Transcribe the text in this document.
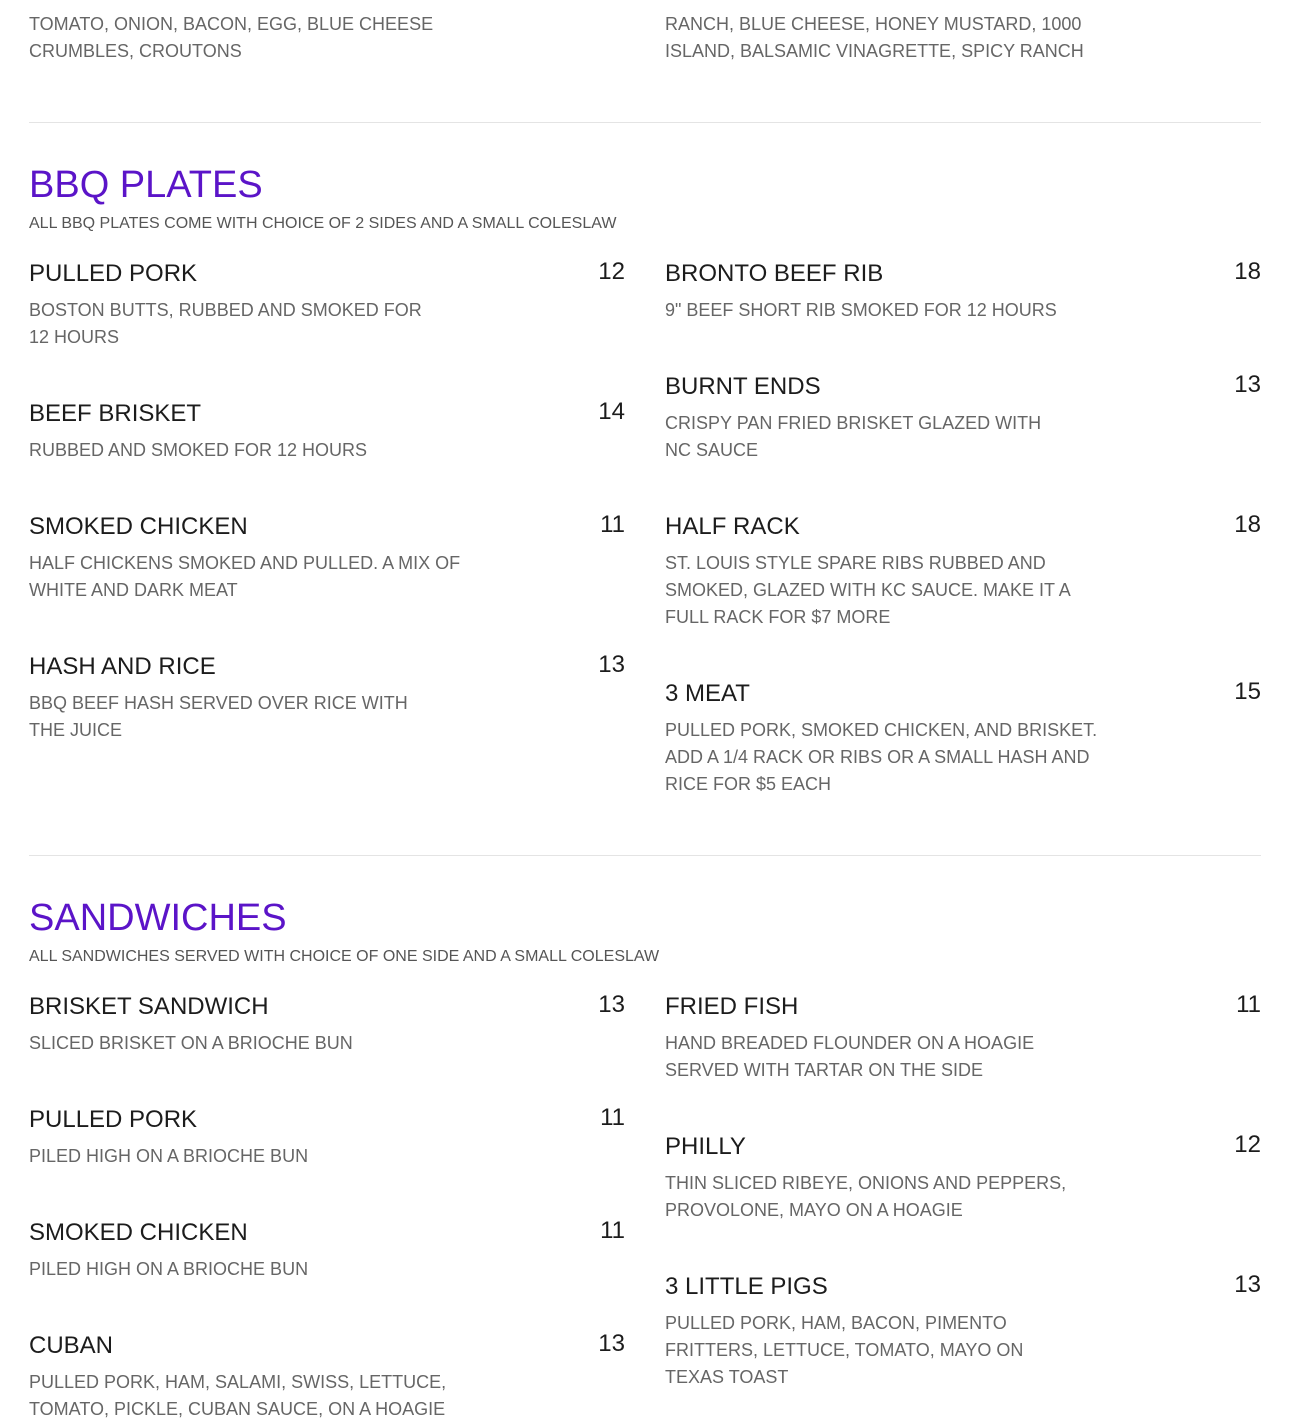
TOMATO, ONION, BACON, EGG, BLUE CHEESE
CRUMBLES, CROUTONS
RANCH, BLUE CHEESE, HONEY MUSTARD, 1000
ISLAND, BALSAMIC VINAGRETTE, SPICY RANCH
BBQ PLATES
ALL BBQ PLATES COME WITH CHOICE OF 2 SIDES AND A SMALL COLESLAW
PULLED PORK	12
BOSTON BUTTS, RUBBED AND SMOKED FOR
12 HOURS
BEEF BRISKET	14
RUBBED AND SMOKED FOR 12 HOURS
SMOKED CHICKEN	11
HALF CHICKENS SMOKED AND PULLED. A MIX OF
WHITE AND DARK MEAT
HASH AND RICE	13
BBQ BEEF HASH SERVED OVER RICE WITH
THE JUICE
BRONTO BEEF RIB	18
9" BEEF SHORT RIB SMOKED FOR 12 HOURS
BURNT ENDS	13
CRISPY PAN FRIED BRISKET GLAZED WITH
NC SAUCE
HALF RACK	18
ST. LOUIS STYLE SPARE RIBS RUBBED AND
SMOKED, GLAZED WITH KC SAUCE. MAKE IT A
FULL RACK FOR $7 MORE
3 MEAT	15
PULLED PORK, SMOKED CHICKEN, AND BRISKET.
ADD A 1/4 RACK OR RIBS OR A SMALL HASH AND
RICE FOR $5 EACH
SANDWICHES
ALL SANDWICHES SERVED WITH CHOICE OF ONE SIDE AND A SMALL COLESLAW
BRISKET SANDWICH	13
SLICED BRISKET ON A BRIOCHE BUN
PULLED PORK	11
PILED HIGH ON A BRIOCHE BUN
SMOKED CHICKEN	11
PILED HIGH ON A BRIOCHE BUN
CUBAN	13
PULLED PORK, HAM, SALAMI, SWISS, LETTUCE,
TOMATO, PICKLE, CUBAN SAUCE, ON A HOAGIE
FRIED FISH	11
HAND BREADED FLOUNDER ON A HOAGIE
SERVED WITH TARTAR ON THE SIDE
PHILLY	12
THIN SLICED RIBEYE, ONIONS AND PEPPERS,
PROVOLONE, MAYO ON A HOAGIE
3 LITTLE PIGS	13
PULLED PORK, HAM, BACON, PIMENTO
FRITTERS, LETTUCE, TOMATO, MAYO ON
TEXAS TOAST
